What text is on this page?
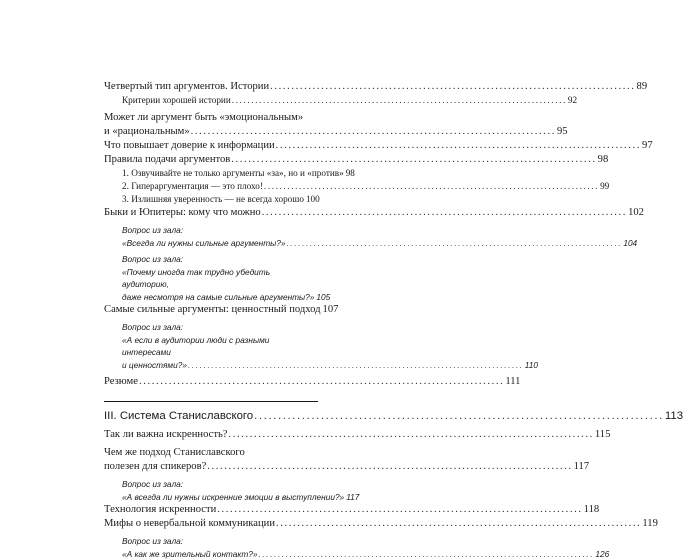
Четвертый тип аргументов. Истории ...................................................................................... 89
Критерии хорошей истории ...................................................................................... 92
Может ли аргумент быть «эмоциональным»
и «рациональным» ...................................................................................... 95
Что повышает доверие к информации ...................................................................................... 97
Правила подачи аргументов ...................................................................................... 98
1. Озвучивайте не только аргументы «за», но и «против» 98
2. Гипераргументация — это плохо! ...................................................................................... 99
3. Излишняя уверенность — не всегда хорошо 100
Быки и Юпитеры: кому что можно ...................................................................................... 102
Вопрос из зала:
«Всегда ли нужны сильные аргументы?» ...................................................................................... 104
Вопрос из зала:
«Почему иногда так трудно убедить аудиторию,
даже несмотря на самые сильные аргументы?» 105
Самые сильные аргументы: ценностный подход 107
Вопрос из зала:
«А если в аудитории люди с разными интересами
и ценностями?» ...................................................................................... 110
Резюме ...................................................................................... 111
III. Система Станиславского ...................................................................................... 113
Так ли важна искренность? ...................................................................................... 115
Чем же подход Станиславского
полезен для спикеров? ...................................................................................... 117
Вопрос из зала:
«А всегда ли нужны искренние эмоции в выступлении?» 117
Технология искренности ...................................................................................... 118
Мифы о невербальной коммуникации ...................................................................................... 119
Вопрос из зала:
«А как же зрительный контакт?» ...................................................................................... 126
